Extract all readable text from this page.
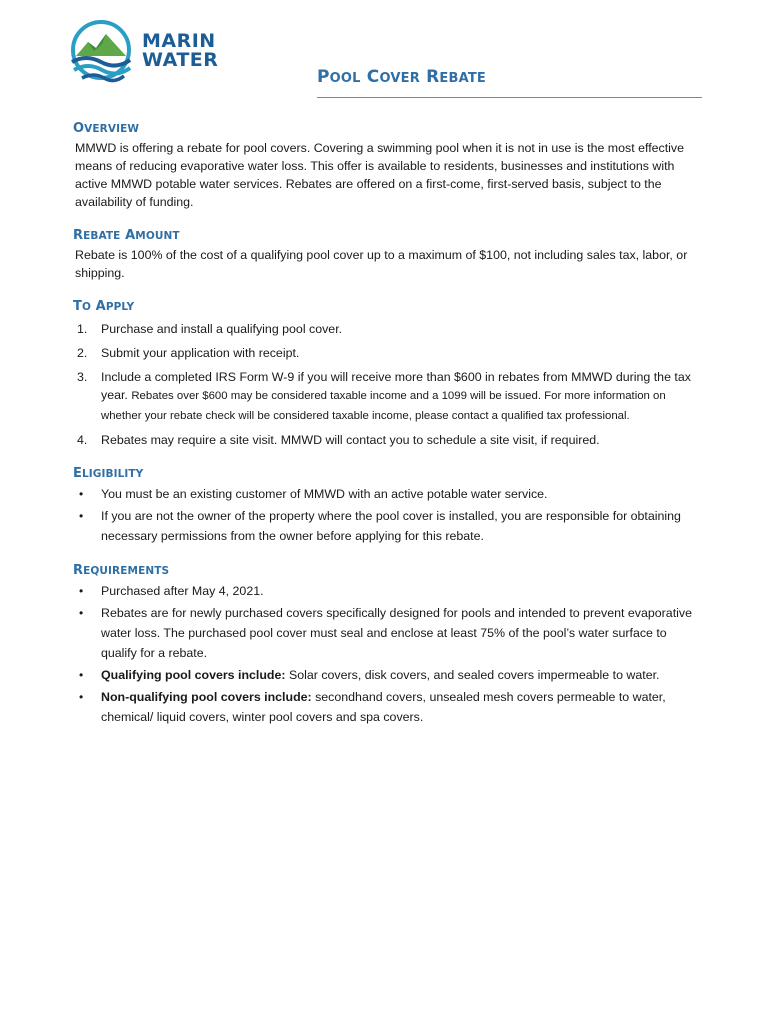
MARIN
WATER
POOL COVER REBATE
OVERVIEW

MMWD is offering a rebate for pool covers. Covering a swimming pool when it is not in use is the most effective means of reducing evaporative water loss. This offer is available to residents, businesses and institutions with active MMWD potable water services. Rebates are offered on a first-come, first-served basis, subject to the availability of funding.

REBATE AMOUNT

Rebate is 100% of the cost of a qualifying pool cover up to a maximum of $100, not including sales tax, labor, or shipping.

TO APPLY
1. Purchase and install a qualifying pool cover.
2. Submit your application with receipt.
3. Include a completed IRS Form W-9 if you will receive more than $600 in rebates from MMWD during the tax year. Rebates over $600 may be considered taxable income and a 1099 will be issued. For more information on whether your rebate check will be considered taxable income, please contact a qualified tax professional.
4. Rebates may require a site visit. MMWD will contact you to schedule a site visit, if required.
ELIGIBILITY
• You must be an existing customer of MMWD with an active potable water service.
• If you are not the owner of the property where the pool cover is installed, you are responsible for obtaining necessary permissions from the owner before applying for this rebate.
REQUIREMENTS
• Purchased after May 4, 2021.
• Rebates are for newly purchased covers specifically designed for pools and intended to prevent evaporative water loss. The purchased pool cover must seal and enclose at least 75% of the pool’s water surface to qualify for a rebate.
• Qualifying pool covers include: Solar covers, disk covers, and sealed covers impermeable to water.
• Non-qualifying pool covers include: secondhand covers, unsealed mesh covers permeable to water, chemical/ liquid covers, winter pool covers and spa covers.
